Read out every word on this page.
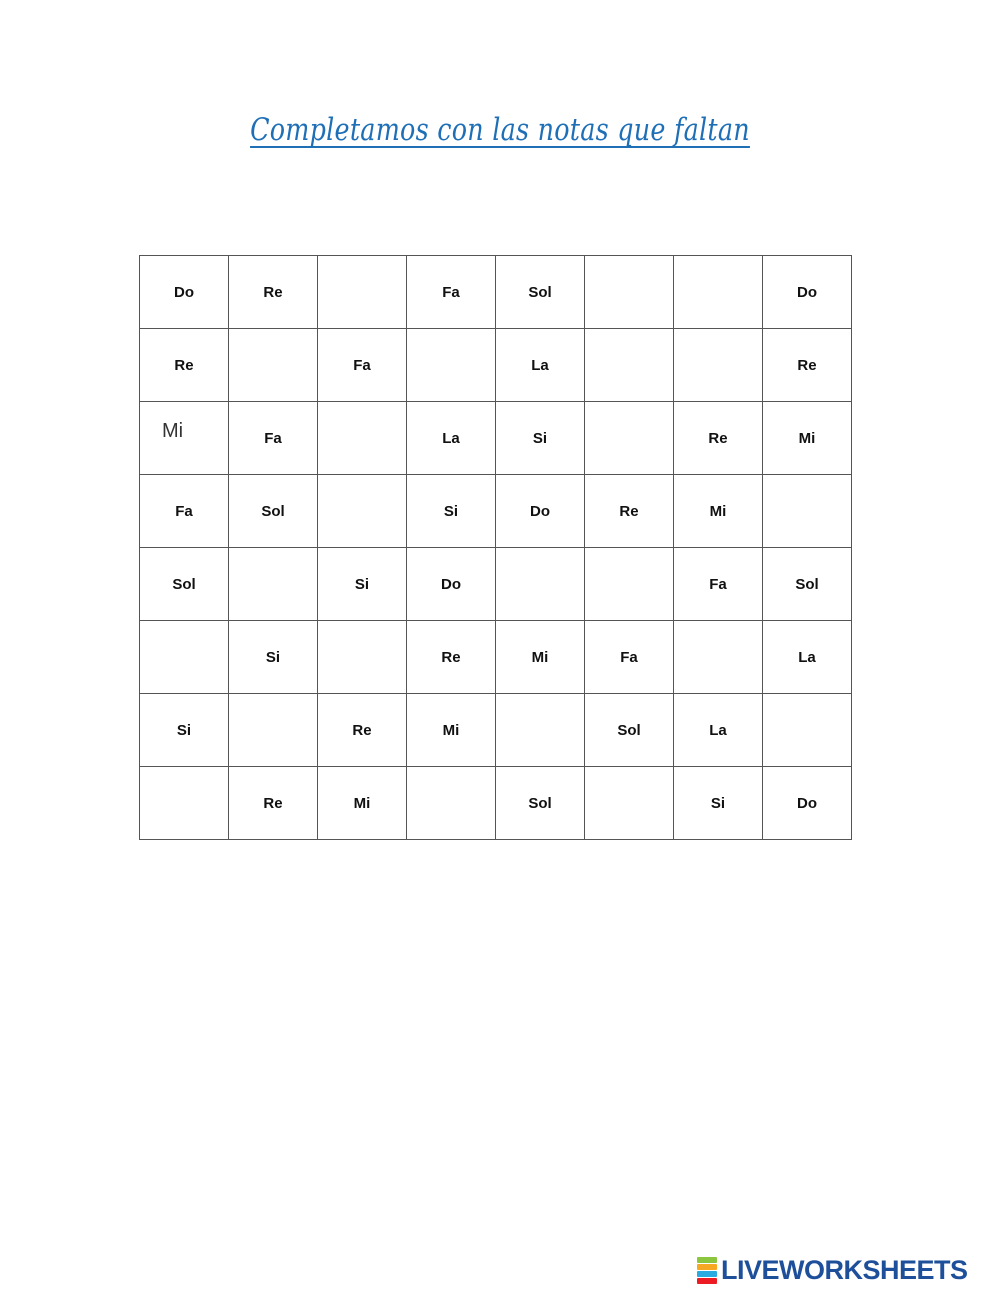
Completamos con las notas que faltan
Do	Re		Fa	Sol			Do
Re		Fa		La			Re
Mi	Fa		La	Si		Re	Mi
Fa	Sol		Si	Do	Re	Mi	
Sol		Si	Do			Fa	Sol
	Si		Re	Mi	Fa		La
Si		Re	Mi		Sol	La	
	Re	Mi		Sol		Si	Do
LIVEWORKSHEETS
